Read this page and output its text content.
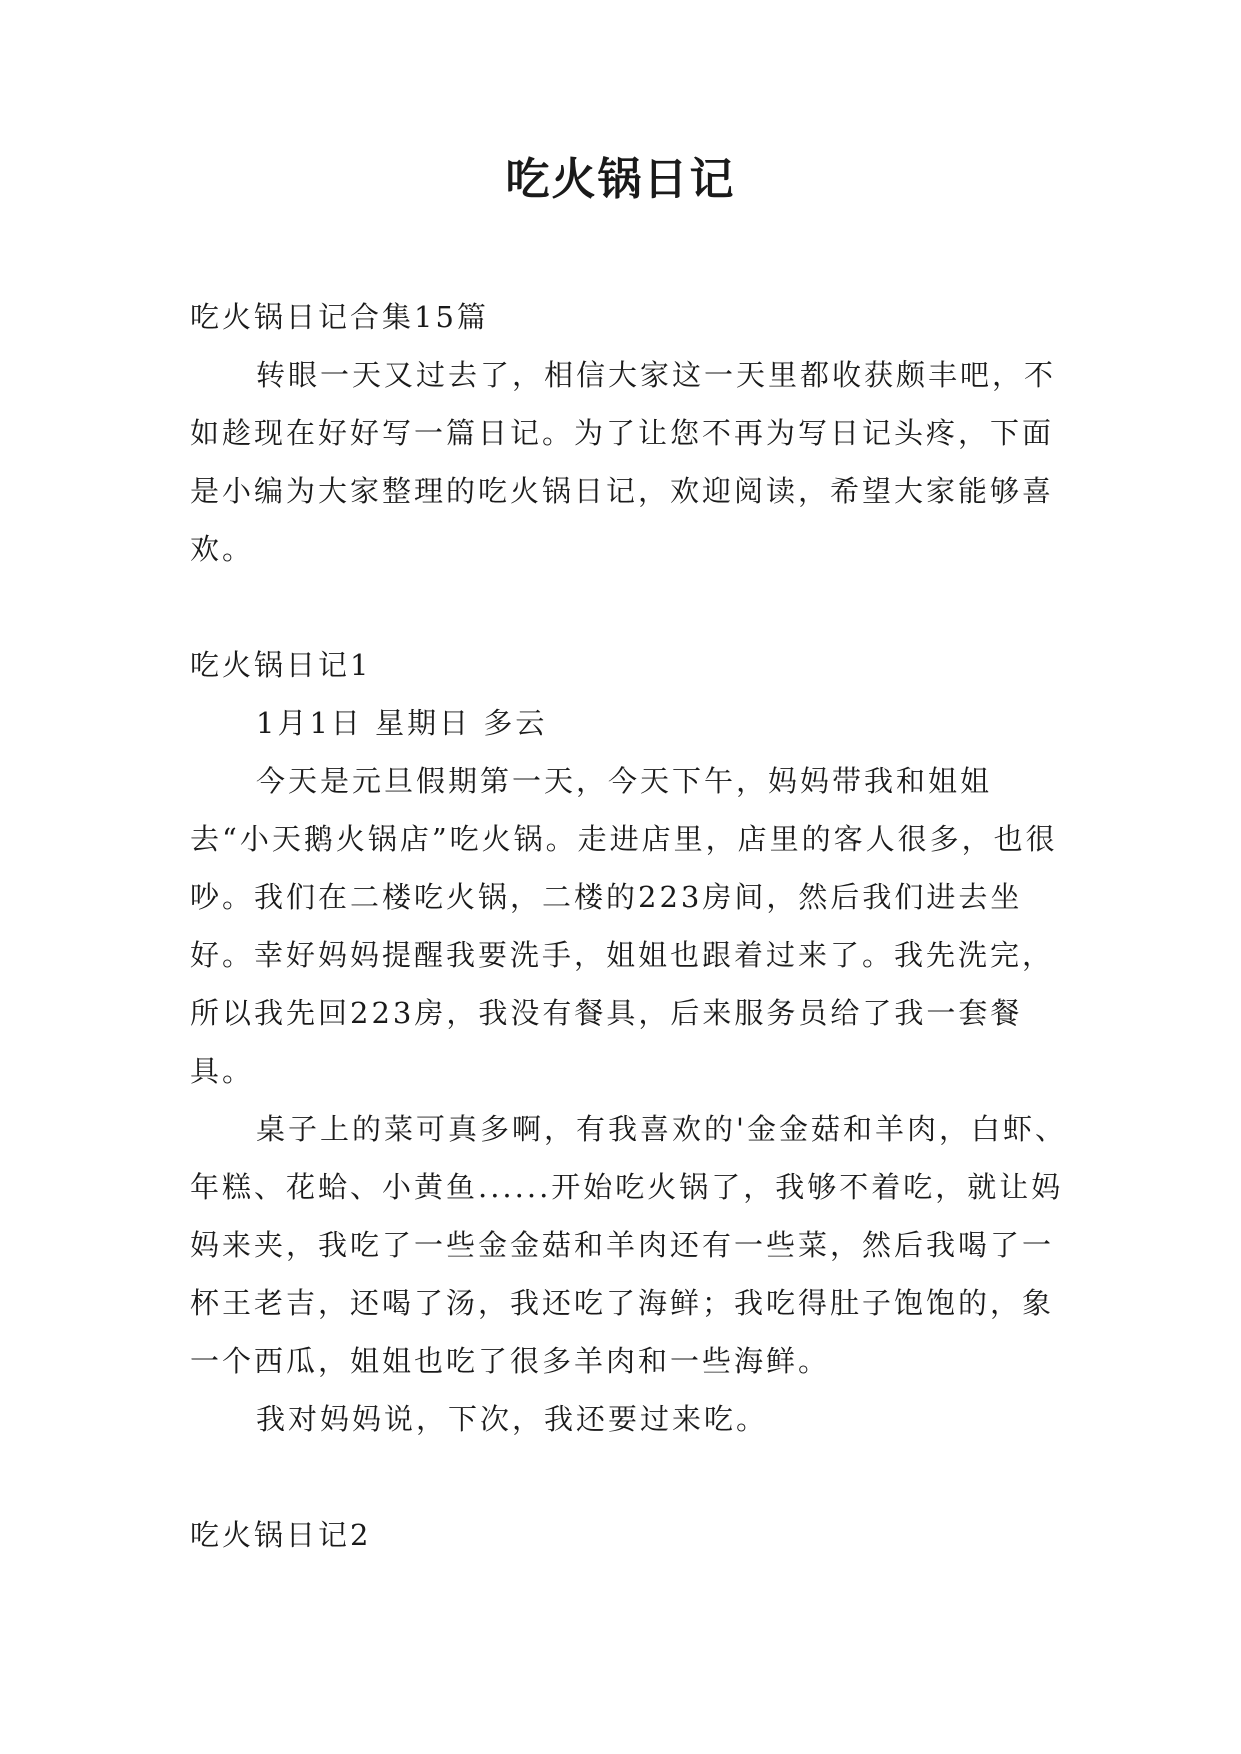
吃火锅日记

吃火锅日记合集15篇

转眼一天又过去了，相信大家这一天里都收获颇丰吧，不如趁现在好好写一篇日记。为了让您不再为写日记头疼，下面是小编为大家整理的吃火锅日记，欢迎阅读，希望大家能够喜欢。

吃火锅日记1

1月1日 星期日 多云

今天是元旦假期第一天，今天下午，妈妈带我和姐姐去“小天鹅火锅店”吃火锅。走进店里，店里的客人很多，也很吵。我们在二楼吃火锅，二楼的223房间，然后我们进去坐好。幸好妈妈提醒我要洗手，姐姐也跟着过来了。我先洗完，所以我先回223房，我没有餐具，后来服务员给了我一套餐具。

桌子上的菜可真多啊，有我喜欢的'金金菇和羊肉，白虾、年糕、花蛤、小黄鱼......开始吃火锅了，我够不着吃，就让妈妈来夹，我吃了一些金金菇和羊肉还有一些菜，然后我喝了一杯王老吉，还喝了汤，我还吃了海鲜；我吃得肚子饱饱的，象一个西瓜，姐姐也吃了很多羊肉和一些海鲜。

我对妈妈说，下次，我还要过来吃。

吃火锅日记2
